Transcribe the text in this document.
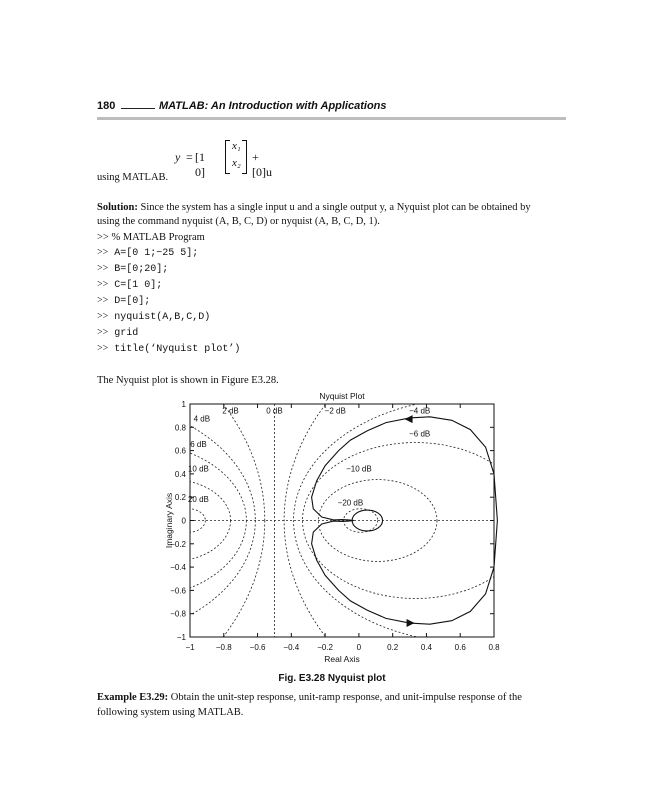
180	MATLAB: An Introduction with Applications
y = [1 0]
x₁
x₂ +[0]u
using MATLAB.
Solution: Since the system has a single input u and a single output y, a Nyquist plot can be obtained by
using the command nyquist (A, B, C, D) or nyquist (A, B, C, D, 1).
>> % MATLAB Program
>> A=[0 1;−25 5];
>> B=[0;20];
>> C=[1 0];
>> D=[0];
>> nyquist(A,B,C,D)
>> grid
>> title(‘Nyquist plot’)
The Nyquist plot is shown in Figure E3.28.
−1	−0.8 −0.6 −0.4 −0.2	0	0.2	0.4	0.6	0.8
1
0.8
0.6
0.4
0.2
0
−0.2
−0.4
−0.6
−0.8
−1
0 dB
2 dB
4 dB
6 dB
10 dB
20 dB
−2 dB	−4 dB
−6 dB
−10 dB
−20 dB
Nyquist Plot
Real Axis
Imaginary Axis
Fig. E3.28 Nyquist plot
Example E3.29: Obtain the unit-step response, unit-ramp response, and unit-impulse response of the
following system using MATLAB.
